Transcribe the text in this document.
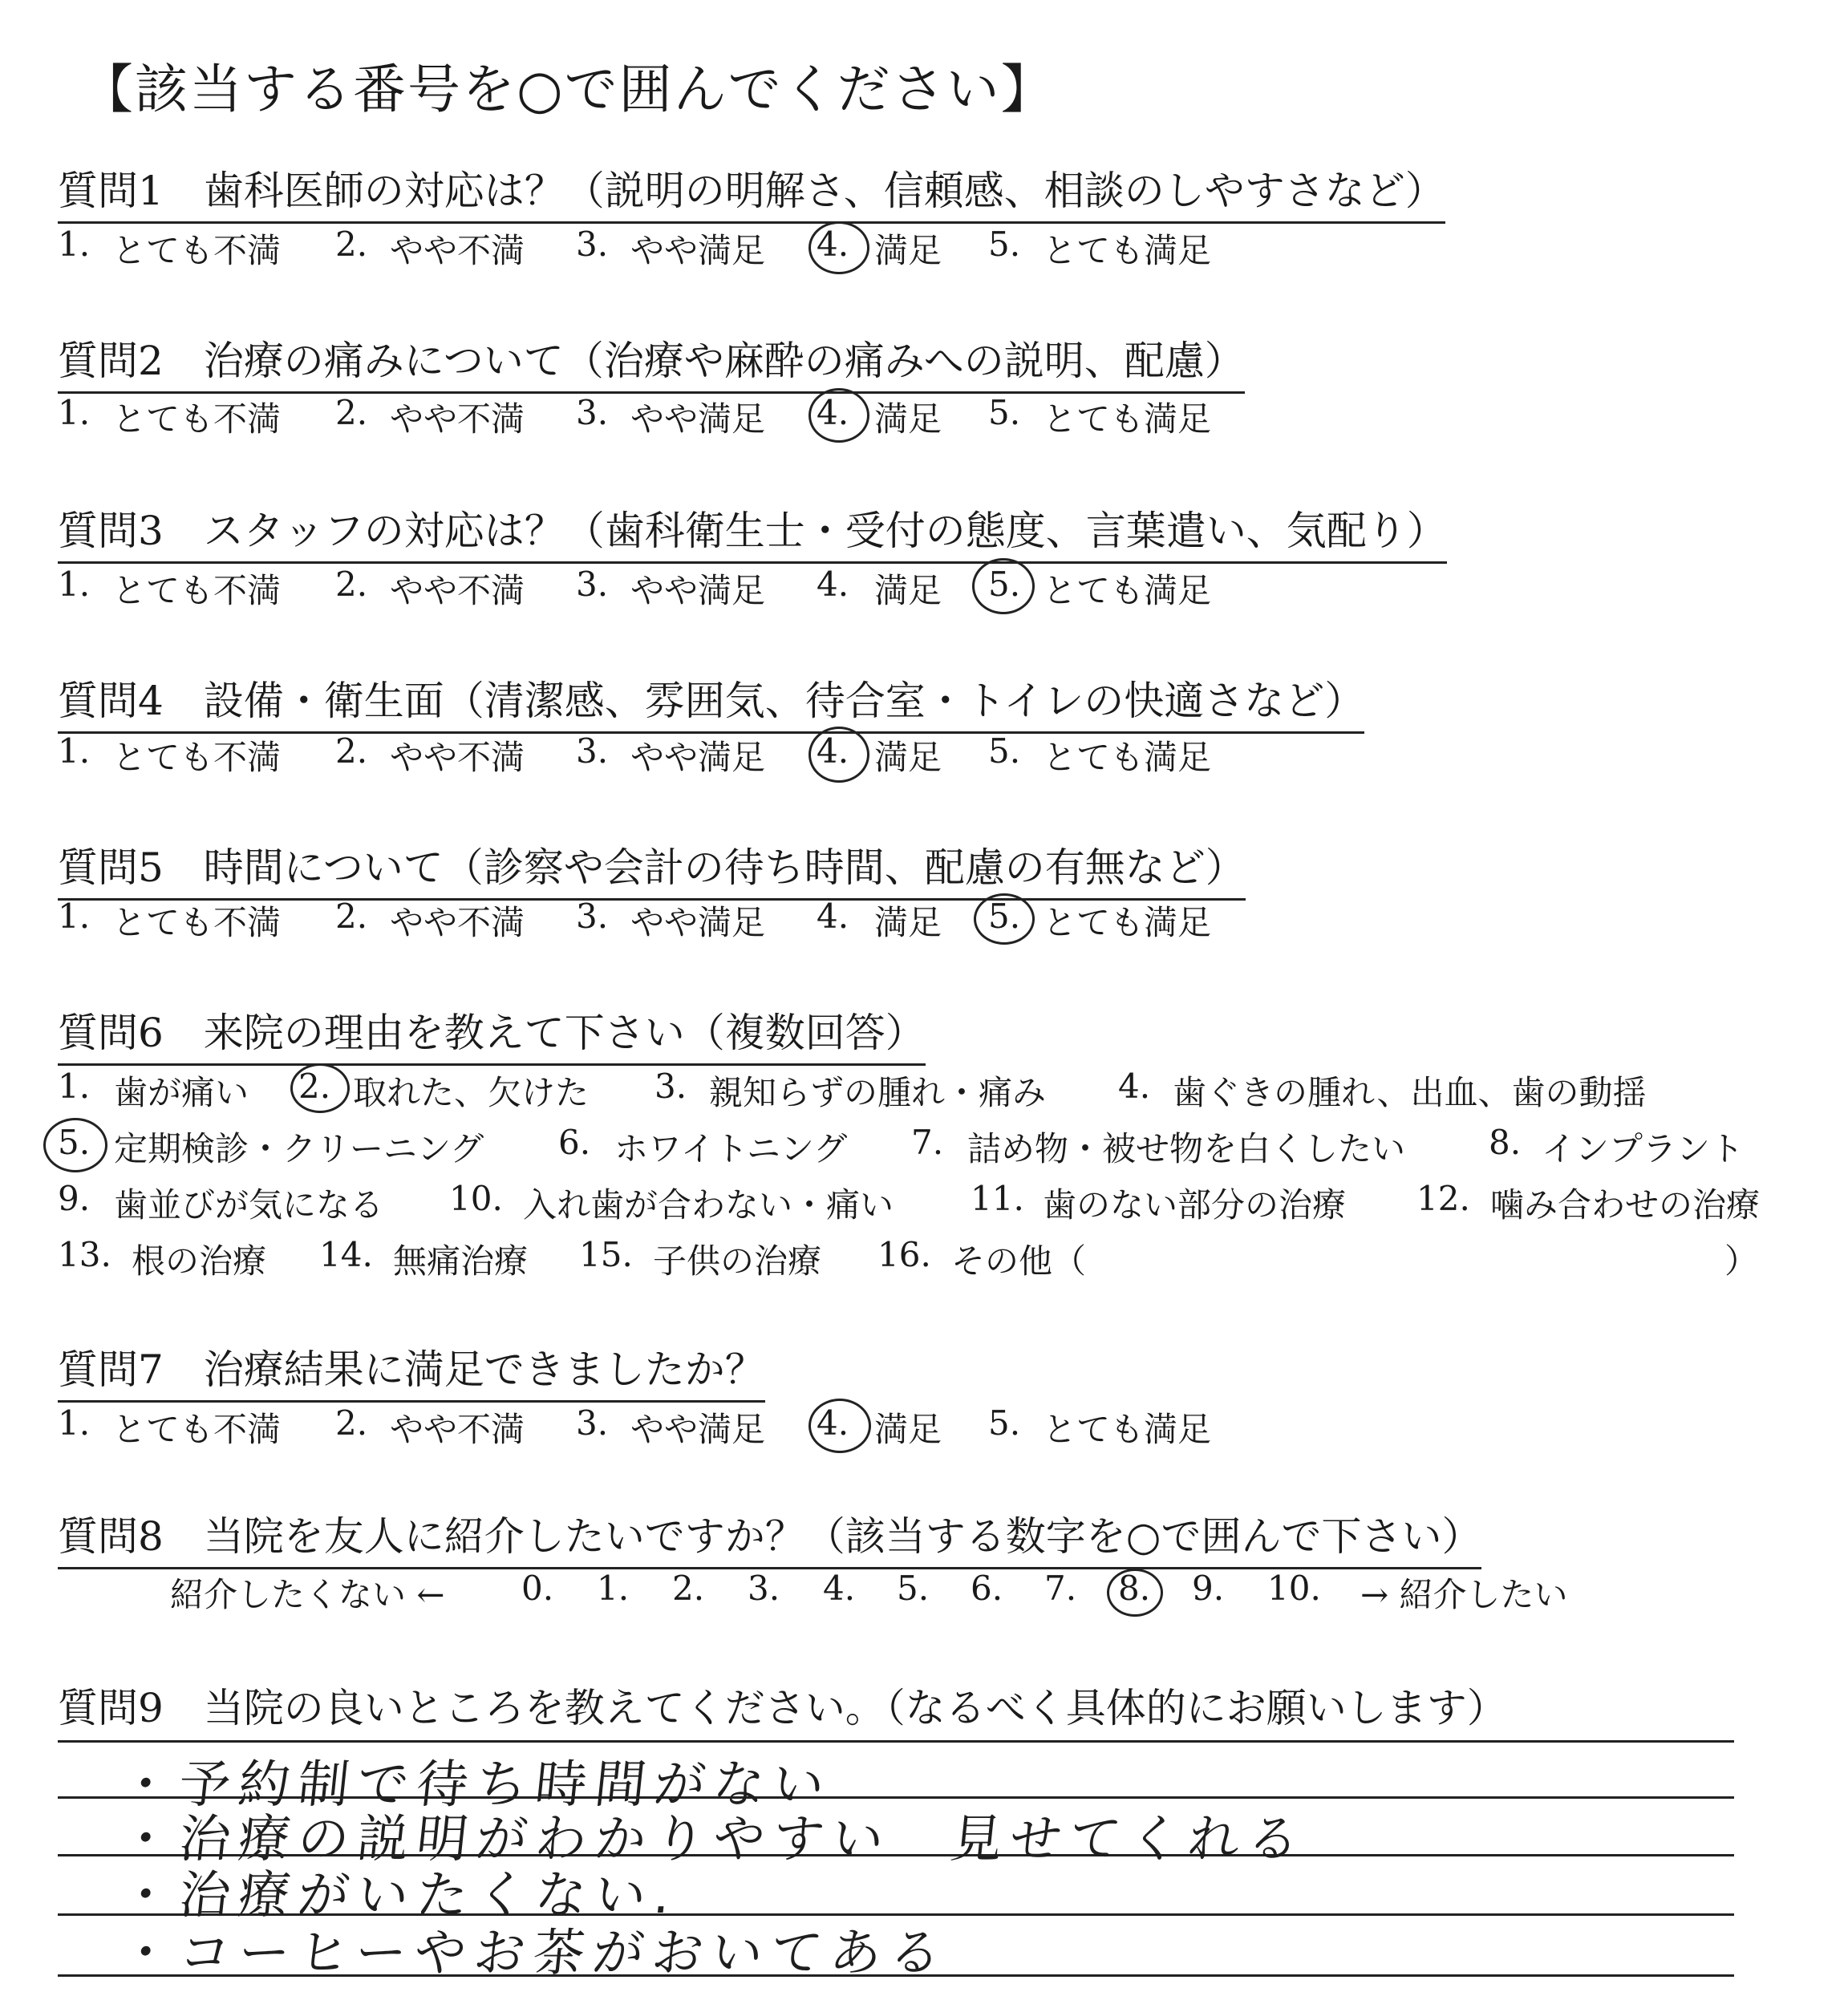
【該当する番号を○で囲んでください】
質問1　歯科医師の対応は？（説明の明解さ、信頼感、相談のしやすさなど）
1. とても不満 2. やや不満 3. やや満足 4. 満足 5. とても満足
質問2　治療の痛みについて（治療や麻酔の痛みへの説明、配慮）
1. とても不満 2. やや不満 3. やや満足 4. 満足 5. とても満足
質問3　スタッフの対応は？（歯科衛生士・受付の態度、言葉遣い、気配り）
1. とても不満 2. やや不満 3. やや満足 4. 満足 5. とても満足
質問4　設備・衛生面（清潔感、雰囲気、待合室・トイレの快適さなど）
1. とても不満 2. やや不満 3. やや満足 4. 満足 5. とても満足
質問5　時間について（診察や会計の待ち時間、配慮の有無など）
1. とても不満 2. やや不満 3. やや満足 4. 満足 5. とても満足
質問6　来院の理由を教えて下さい（複数回答）
1. 歯が痛い 2. 取れた、欠けた 3. 親知らずの腫れ・痛み 4. 歯ぐきの腫れ、出血、歯の動揺
5. 定期検診・クリーニング 6. ホワイトニング 7. 詰め物・被せ物を白くしたい 8. インプラント
9. 歯並びが気になる 10. 入れ歯が合わない・痛い 11. 歯のない部分の治療 12. 噛み合わせの治療
13. 根の治療 14. 無痛治療 15. 子供の治療 16. その他（	）
質問7　治療結果に満足できましたか？
1. とても不満 2. やや不満 3. やや満足 4. 満足 5. とても満足
質問8　当院を友人に紹介したいですか？（該当する数字を○で囲んで下さい）
紹介したくない ← 0. 1. 2. 3. 4. 5. 6. 7. 8. 9. 10. → 紹介したい
質問9　当院の良いところを教えてください。（なるべく具体的にお願いします）
・予約制で待ち時間がない
・治療の説明がわかりやすい　見せてくれる
・治療がいたくない.
・コーヒーやお茶がおいてある
